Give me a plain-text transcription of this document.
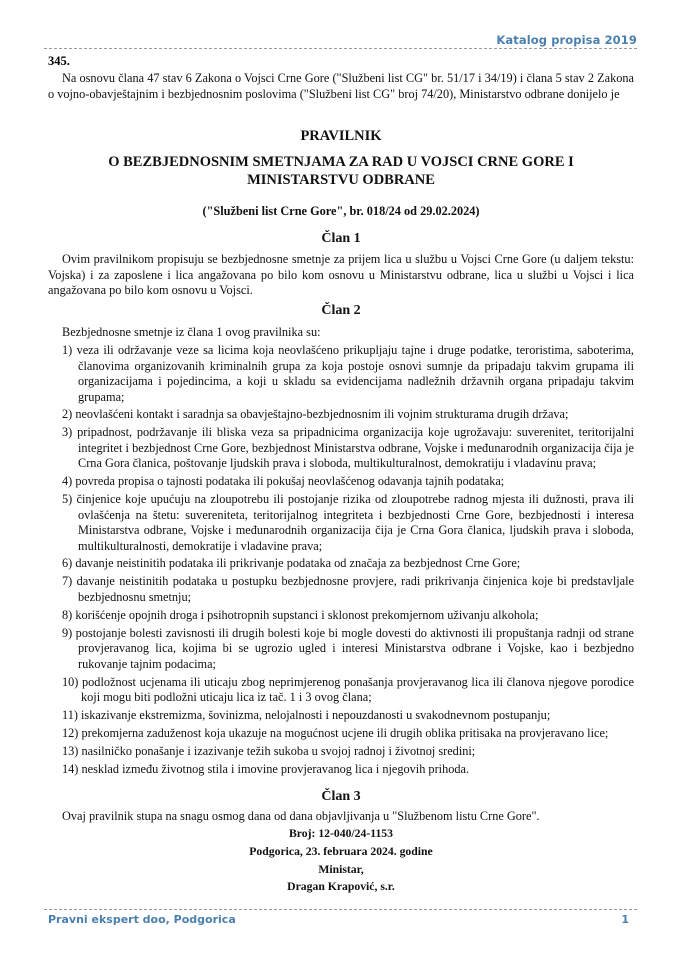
Katalog propisa 2019
345.
Na osnovu člana 47 stav 6 Zakona o Vojsci Crne Gore ("Službeni list CG" br. 51/17 i 34/19) i člana 5 stav 2 Zakona o vojno-obavještajnim i bezbjednosnim poslovima ("Službeni list CG" broj 74/20), Ministarstvo odbrane donijelo je
PRAVILNIK
O BEZBJEDNOSNIM SMETNJAMA ZA RAD U VOJSCI CRNE GORE I MINISTARSTVU ODBRANE
("Službeni list Crne Gore", br. 018/24 od 29.02.2024)
Član 1
Ovim pravilnikom propisuju se bezbjednosne smetnje za prijem lica u službu u Vojsci Crne Gore (u daljem tekstu: Vojska) i za zaposlene i lica angažovana po bilo kom osnovu u Ministarstvu odbrane, lica u službi u Vojsci i lica angažovana po bilo kom osnovu u Vojsci.
Član 2
Bezbjednosne smetnje iz člana 1 ovog pravilnika su:
1) veza ili održavanje veze sa licima koja neovlašćeno prikupljaju tajne i druge podatke, teroristima, saboterima, članovima organizovanih kriminalnih grupa za koja postoje osnovi sumnje da pripadaju takvim grupama ili organizacijama i pojedincima, a koji u skladu sa evidencijama nadležnih državnih organa pripadaju takvim grupama;
2) neovlašćeni kontakt i saradnja sa obavještajno-bezbjednosnim ili vojnim strukturama drugih država;
3) pripadnost, podržavanje ili bliska veza sa pripadnicima organizacija koje ugrožavaju: suverenitet, teritorijalni integritet i bezbjednost Crne Gore, bezbjednost Ministarstva odbrane, Vojske i međunarodnih organizacija čija je Crna Gora članica, poštovanje ljudskih prava i sloboda, multikulturalnost, demokratiju i vladavinu prava;
4) povreda propisa o tajnosti podataka ili pokušaj neovlašćenog odavanja tajnih podataka;
5) činjenice koje upućuju na zloupotrebu ili postojanje rizika od zloupotrebe radnog mjesta ili dužnosti, prava ili ovlašćenja na štetu: suvereniteta, teritorijalnog integriteta i bezbjednosti Crne Gore, bezbjednosti i interesa Ministarstva odbrane, Vojske i međunarodnih organizacija čija je Crna Gora članica, ljudskih prava i sloboda, multikulturalnosti, demokratije i vladavine prava;
6) davanje neistinitih podataka ili prikrivanje podataka od značaja za bezbjednost Crne Gore;
7) davanje neistinitih podataka u postupku bezbjednosne provjere, radi prikrivanja činjenica koje bi predstavljale bezbjednosnu smetnju;
8) korišćenje opojnih droga i psihotropnih supstanci i sklonost prekomjernom uživanju alkohola;
9) postojanje bolesti zavisnosti ili drugih bolesti koje bi mogle dovesti do aktivnosti ili propuštanja radnji od strane provjeravanog lica, kojima bi se ugrozio ugled i interesi Ministarstva odbrane i Vojske, kao i bezbjedno rukovanje tajnim podacima;
10) podložnost ucjenama ili uticaju zbog neprimjerenog ponašanja provjeravanog lica ili članova njegove porodice koji mogu biti podložni uticaju lica iz tač. 1 i 3 ovog člana;
11) iskazivanje ekstremizma, šovinizma, nelojalnosti i nepouzdanosti u svakodnevnom postupanju;
12) prekomjerna zaduženost koja ukazuje na mogućnost ucjene ili drugih oblika pritisaka na provjeravano lice;
13) nasilničko ponašanje i izazivanje težih sukoba u svojoj radnoj i životnoj sredini;
14) nesklad između životnog stila i imovine provjeravanog lica i njegovih prihoda.
Član 3
Ovaj pravilnik stupa na snagu osmog dana od dana objavljivanja u "Službenom listu Crne Gore".
Broj: 12-040/24-1153
Podgorica, 23. februara 2024. godine
Ministar,
Dragan Krapović, s.r.
Pravni ekspert doo, Podgorica	1
